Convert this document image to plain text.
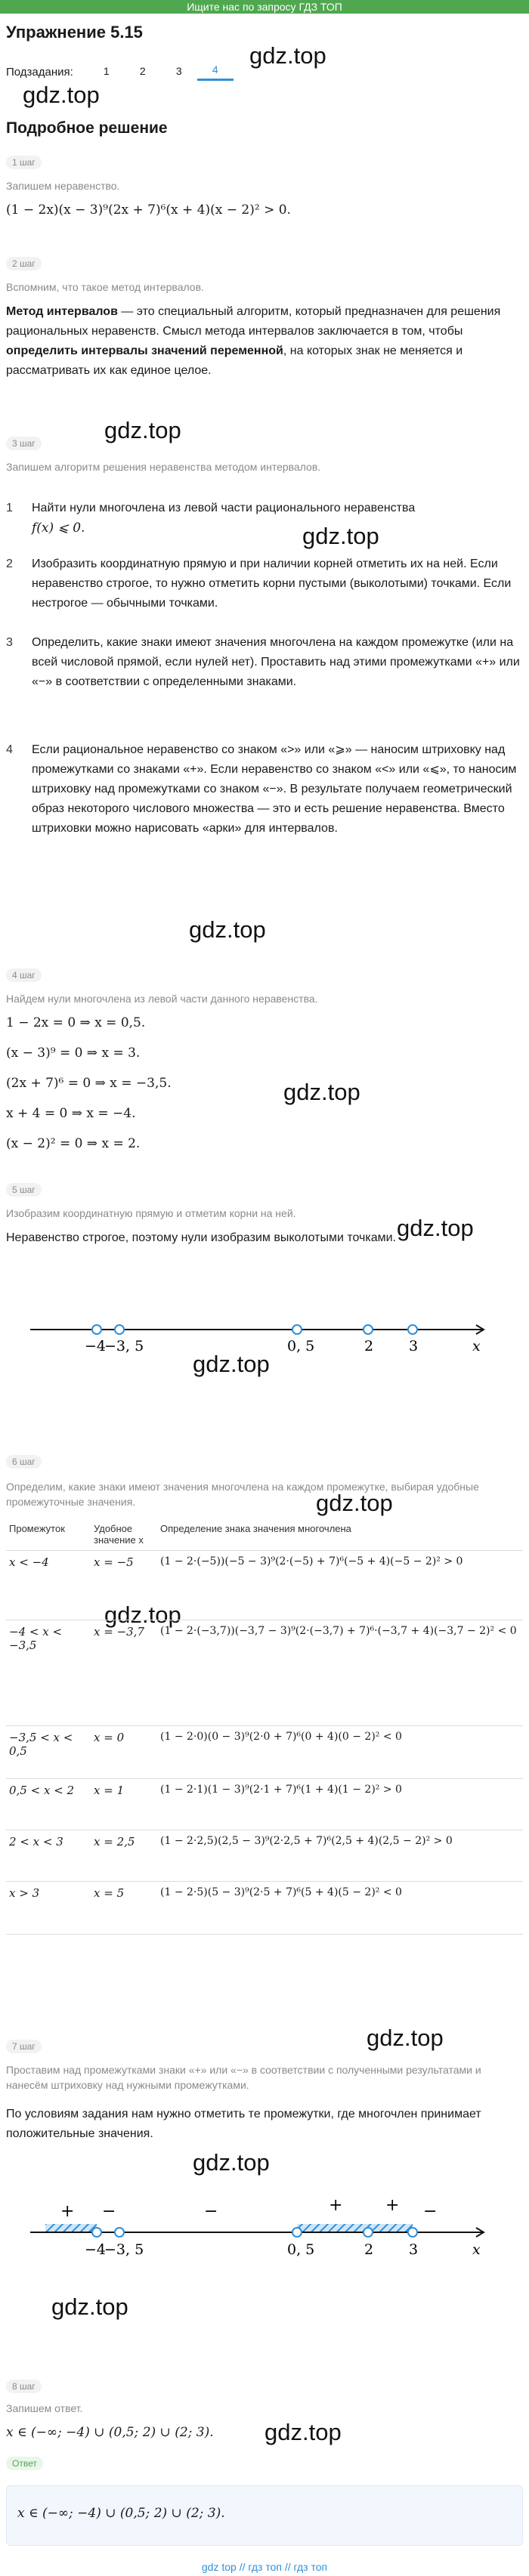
Ищите нас по запросу ГДЗ ТОП
Упражнение 5.15
Подзадания:	1	2	3	4
gdz.top
gdz.top
gdz.top
gdz.top
gdz.top
gdz.top
gdz.top
gdz.top
gdz.top
gdz.top
gdz.top
gdz.top
gdz.top
gdz.top
Подробное решение
1 шаг
Запишем неравенство.
(1 − 2x)(x − 3)⁹(2x + 7)⁶(x + 4)(x − 2)² > 0.
2 шаг
Вспомним, что такое метод интервалов.
Метод интервалов — это специальный алгоритм, который предназначен для решения рациональных неравенств. Смысл метода интервалов заключается в том, чтобы определить интервалы значений переменной, на которых знак не меняется и рассматривать их как единое целое.
3 шаг
Запишем алгоритм решения неравенства методом интервалов.
1	Найти нули многочлена из левой части рационального неравенства
f(x) ⩽ 0.
2	Изобразить координатную прямую и при наличии корней отметить их на ней. Если неравенство строгое, то нужно отметить корни пустыми (выколотыми) точками. Если нестрогое — обычными точками.
3	Определить, какие знаки имеют значения многочлена на каждом промежутке (или на всей числовой прямой, если нулей нет). Проставить над этими промежутками «+» или «−» в соответствии с определенными знаками.
4	Если рациональное неравенство со знаком «>» или «⩾» — наносим штриховку над промежутками со знаками «+». Если неравенство со знаком «<» или «⩽», то наносим штриховку над промежутками со знаком «−». В результате получаем геометрический образ некоторого числового множества — это и есть решение неравенства. Вместо штриховки можно нарисовать «арки» для интервалов.
4 шаг
Найдем нули многочлена из левой части данного неравенства.
1 − 2x = 0 ⇒ x = 0,5.
(x − 3)⁹ = 0 ⇒ x = 3.
(2x + 7)⁶ = 0 ⇒ x = −3,5.
x + 4 = 0 ⇒ x = −4.
(x − 2)² = 0 ⇒ x = 2.
5 шаг
Изобразим координатную прямую и отметим корни на ней.
Неравенство строгое, поэтому нули изобразим выколотыми точками.
−4
−3, 5	0, 5	2 3	x
6 шаг
Определим, какие знаки имеют значения многочлена на каждом промежутке, выбирая удобные промежуточные значения.
Промежуток	Удобное значение x	Определение знака значения многочлена
x < −4	x = −5	(1 − 2·(−5))(−5 − 3)⁹(2·(−5) + 7)⁶(−5 + 4)(−5 − 2)² > 0
−4 < x < −3,5	x = −3,7	(1 − 2·(−3,7))(−3,7 − 3)⁹(2·(−3,7) + 7)⁶·(−3,7 + 4)(−3,7 − 2)² < 0
−3,5 < x < 0,5	x = 0	(1 − 2·0)(0 − 3)⁹(2·0 + 7)⁶(0 + 4)(0 − 2)² < 0
0,5 < x < 2	x = 1	(1 − 2·1)(1 − 3)⁹(2·1 + 7)⁶(1 + 4)(1 − 2)² > 0
2 < x < 3	x = 2,5	(1 − 2·2,5)(2,5 − 3)⁹(2·2,5 + 7)⁶(2,5 + 4)(2,5 − 2)² > 0
x > 3	x = 5	(1 − 2·5)(5 − 3)⁹(2·5 + 7)⁶(5 + 4)(5 − 2)² < 0
7 шаг
Проставим над промежутками знаки «+» или «−» в соответствии с полученными результатами и нанесём штриховку над нужными промежутками.
По условиям задания нам нужно отметить те промежутки, где многочлен принимает положительные значения.
+ −	−	+	+ −
−4
−3, 5	0, 5	2 3	x
8 шаг
Запишем ответ.
x ∈ (−∞; −4) ∪ (0,5; 2) ∪ (2; 3).
Ответ
x ∈ (−∞; −4) ∪ (0,5; 2) ∪ (2; 3).
gdz top // гдз топ // гдз топ
